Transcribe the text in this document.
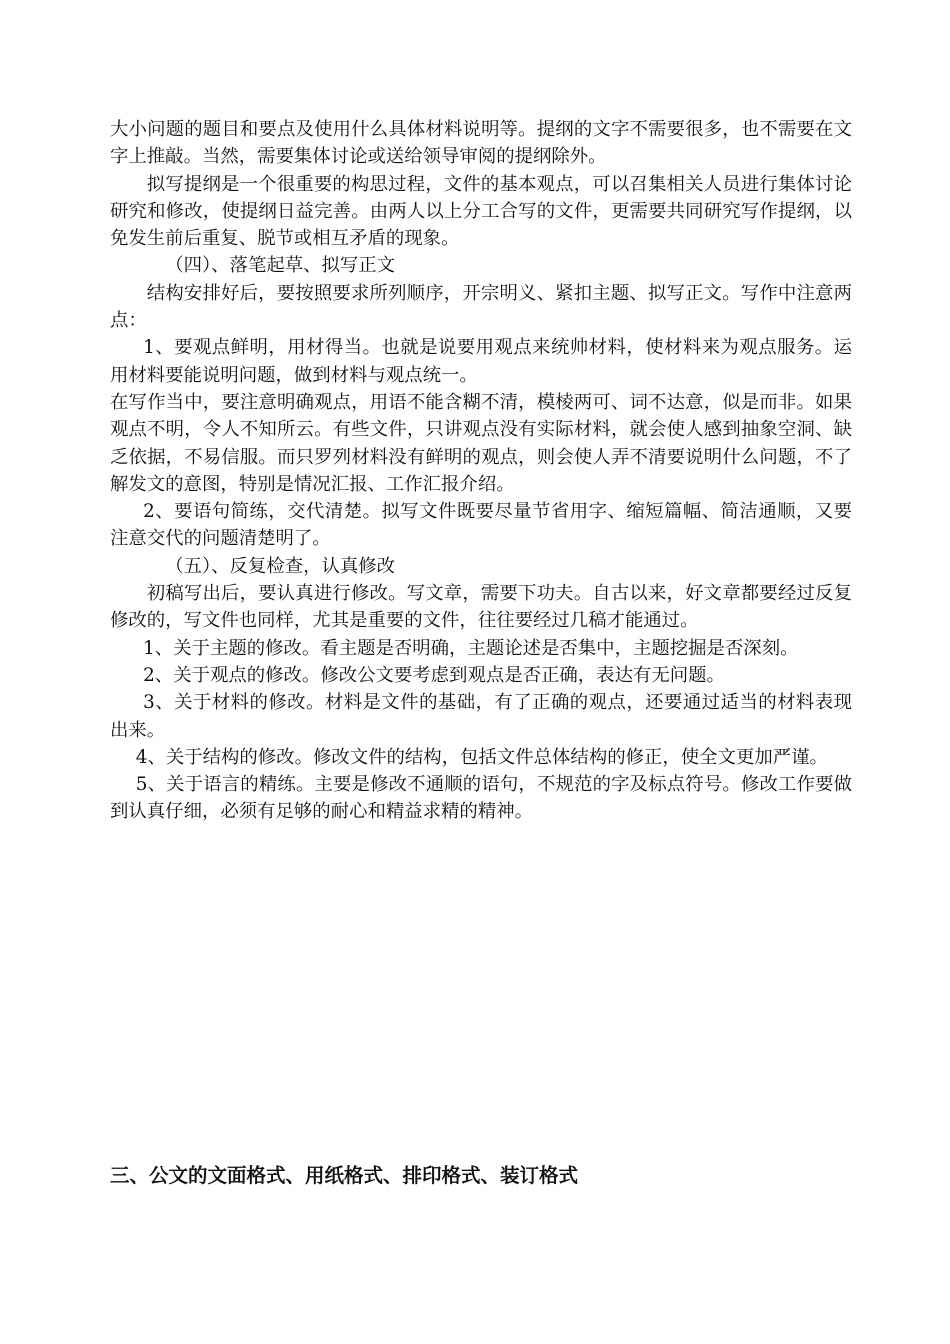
大小问题的题目和要点及使用什么具体材料说明等。提纲的文字不需要很多，也不需要在文字上推敲。当然，需要集体讨论或送给领导审阅的提纲除外。

拟写提纲是一个很重要的构思过程，文件的基本观点，可以召集相关人员进行集体讨论研究和修改，使提纲日益完善。由两人以上分工合写的文件，更需要共同研究写作提纲，以免发生前后重复、脱节或相互矛盾的现象。

（四）、落笔起草、拟写正文

结构安排好后，要按照要求所列顺序，开宗明义、紧扣主题、拟写正文。写作中注意两点：

1、要观点鲜明，用材得当。也就是说要用观点来统帅材料，使材料来为观点服务。运用材料要能说明问题，做到材料与观点统一。

在写作当中，要注意明确观点，用语不能含糊不清，模棱两可、词不达意，似是而非。如果观点不明，令人不知所云。有些文件，只讲观点没有实际材料，就会使人感到抽象空洞、缺乏依据，不易信服。而只罗列材料没有鲜明的观点，则会使人弄不清要说明什么问题，不了解发文的意图，特别是情况汇报、工作汇报介绍。

2、要语句简练，交代清楚。拟写文件既要尽量节省用字、缩短篇幅、简洁通顺，又要注意交代的问题清楚明了。

（五）、反复检查，认真修改

初稿写出后，要认真进行修改。写文章，需要下功夫。自古以来，好文章都要经过反复修改的，写文件也同样，尤其是重要的文件，往往要经过几稿才能通过。

1、关于主题的修改。看主题是否明确，主题论述是否集中，主题挖掘是否深刻。

2、关于观点的修改。修改公文要考虑到观点是否正确，表达有无问题。

3、关于材料的修改。材料是文件的基础，有了正确的观点，还要通过适当的材料表现出来。

4、关于结构的修改。修改文件的结构，包括文件总体结构的修正，使全文更加严谨。

5、关于语言的精练。主要是修改不通顺的语句，不规范的字及标点符号。修改工作要做到认真仔细，必须有足够的耐心和精益求精的精神。

三、公文的文面格式、用纸格式、排印格式、装订格式
